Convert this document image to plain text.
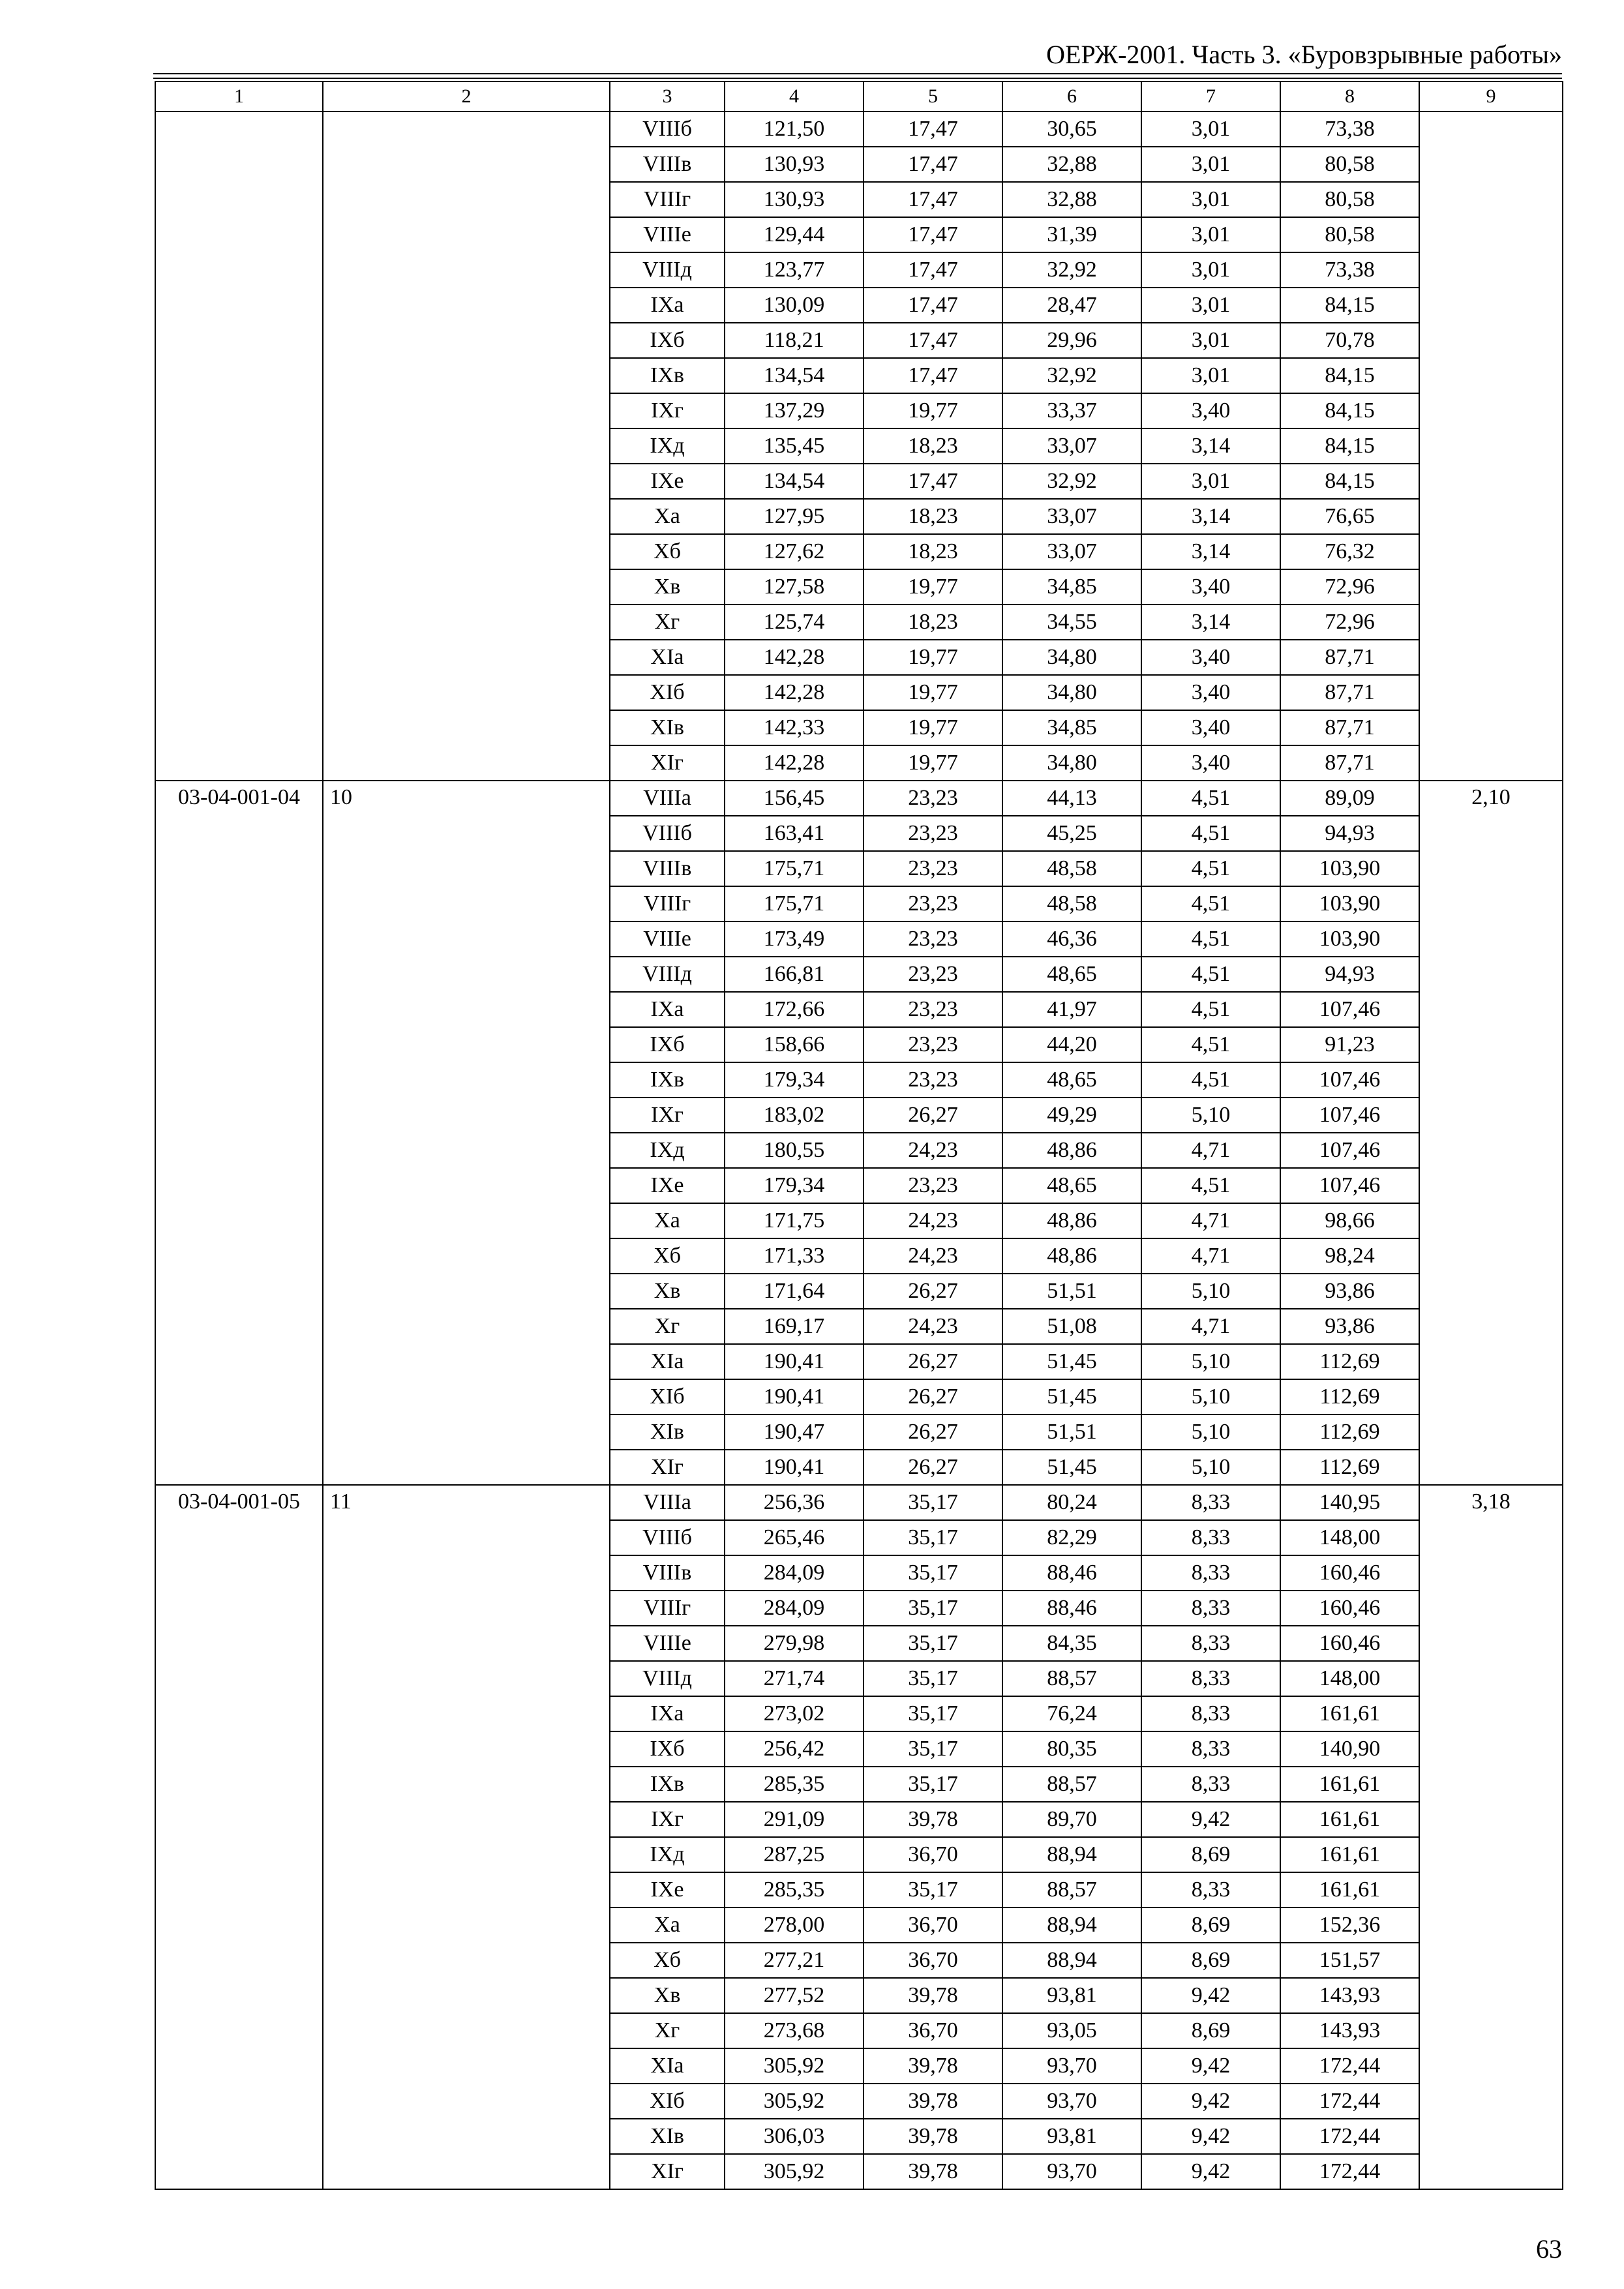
ОЕРЖ-2001. Часть 3. «Буровзрывные работы»
1	2	3	4	5	6	7	8	9
		VIIIб	121,50	17,47	30,65	3,01	73,38	
		VIIIв	130,93	17,47	32,88	3,01	80,58	
		VIIIг	130,93	17,47	32,88	3,01	80,58	
		VIIIе	129,44	17,47	31,39	3,01	80,58	
		VIIIд	123,77	17,47	32,92	3,01	73,38	
		IXа	130,09	17,47	28,47	3,01	84,15	
		IXб	118,21	17,47	29,96	3,01	70,78	
		IXв	134,54	17,47	32,92	3,01	84,15	
		IXг	137,29	19,77	33,37	3,40	84,15	
		IXд	135,45	18,23	33,07	3,14	84,15	
		IXе	134,54	17,47	32,92	3,01	84,15	
		Xа	127,95	18,23	33,07	3,14	76,65	
		Xб	127,62	18,23	33,07	3,14	76,32	
		Xв	127,58	19,77	34,85	3,40	72,96	
		Xг	125,74	18,23	34,55	3,14	72,96	
		XIа	142,28	19,77	34,80	3,40	87,71	
		XIб	142,28	19,77	34,80	3,40	87,71	
		XIв	142,33	19,77	34,85	3,40	87,71	
		XIг	142,28	19,77	34,80	3,40	87,71	
03-04-001-04	10	VIIIа	156,45	23,23	44,13	4,51	89,09	2,10
		VIIIб	163,41	23,23	45,25	4,51	94,93	
		VIIIв	175,71	23,23	48,58	4,51	103,90	
		VIIIг	175,71	23,23	48,58	4,51	103,90	
		VIIIе	173,49	23,23	46,36	4,51	103,90	
		VIIIд	166,81	23,23	48,65	4,51	94,93	
		IXа	172,66	23,23	41,97	4,51	107,46	
		IXб	158,66	23,23	44,20	4,51	91,23	
		IXв	179,34	23,23	48,65	4,51	107,46	
		IXг	183,02	26,27	49,29	5,10	107,46	
		IXд	180,55	24,23	48,86	4,71	107,46	
		IXе	179,34	23,23	48,65	4,51	107,46	
		Xа	171,75	24,23	48,86	4,71	98,66	
		Xб	171,33	24,23	48,86	4,71	98,24	
		Xв	171,64	26,27	51,51	5,10	93,86	
		Xг	169,17	24,23	51,08	4,71	93,86	
		XIа	190,41	26,27	51,45	5,10	112,69	
		XIб	190,41	26,27	51,45	5,10	112,69	
		XIв	190,47	26,27	51,51	5,10	112,69	
		XIг	190,41	26,27	51,45	5,10	112,69	
03-04-001-05	11	VIIIа	256,36	35,17	80,24	8,33	140,95	3,18
		VIIIб	265,46	35,17	82,29	8,33	148,00	
		VIIIв	284,09	35,17	88,46	8,33	160,46	
		VIIIг	284,09	35,17	88,46	8,33	160,46	
		VIIIе	279,98	35,17	84,35	8,33	160,46	
		VIIIд	271,74	35,17	88,57	8,33	148,00	
		IXа	273,02	35,17	76,24	8,33	161,61	
		IXб	256,42	35,17	80,35	8,33	140,90	
		IXв	285,35	35,17	88,57	8,33	161,61	
		IXг	291,09	39,78	89,70	9,42	161,61	
		IXд	287,25	36,70	88,94	8,69	161,61	
		IXе	285,35	35,17	88,57	8,33	161,61	
		Xа	278,00	36,70	88,94	8,69	152,36	
		Xб	277,21	36,70	88,94	8,69	151,57	
		Xв	277,52	39,78	93,81	9,42	143,93	
		Xг	273,68	36,70	93,05	8,69	143,93	
		XIа	305,92	39,78	93,70	9,42	172,44	
		XIб	305,92	39,78	93,70	9,42	172,44	
		XIв	306,03	39,78	93,81	9,42	172,44	
		XIг	305,92	39,78	93,70	9,42	172,44	
63
